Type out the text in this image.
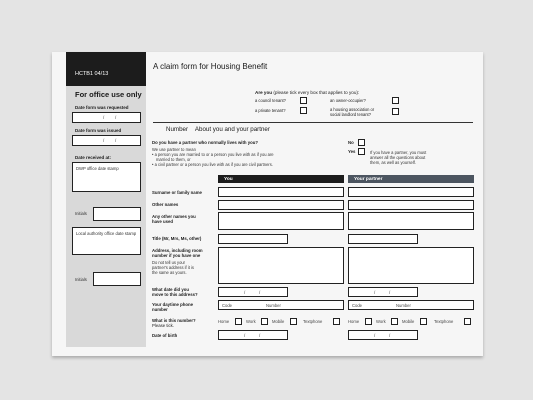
HCTB1 04/13
For office use only
Date form was requested
/ /
Date form was issued
/ /
Date received at:
DWP office date stamp
Initials
Local authority office date stamp
Initials
A claim form for Housing Benefit
Are you (please tick every box that applies to you):
a council tenant?
a private tenant?
an owner-occupier?
a housing association or
social landlord tenant?
Number About you and your partner
Do you have a partner who normally lives with you?
We use partner to mean
• a person you are married to or a person you live with as if you are
married to them, or
• a civil partner or a person you live with as if you are civil partners.
No
Yes	If you have a partner, you must
answer all the questions about
them, as well as yourself.
You	Your partner
Surname or family name
Other names
Any other names you
have used
Title (Mr, Mrs, Ms, other)
Address, including room
number if you have one
Do not tell us your
partner's address if it is
the same as yours.
What date did you
move to this address?	/	/	/	/
Your daytime phone
number
Code	Number	Code	Number
What is this number?
Please tick.
Home	Work	Mobile	Textphone	Home	Work	Mobile	Textphone
Date of birth	/	/	/	/
